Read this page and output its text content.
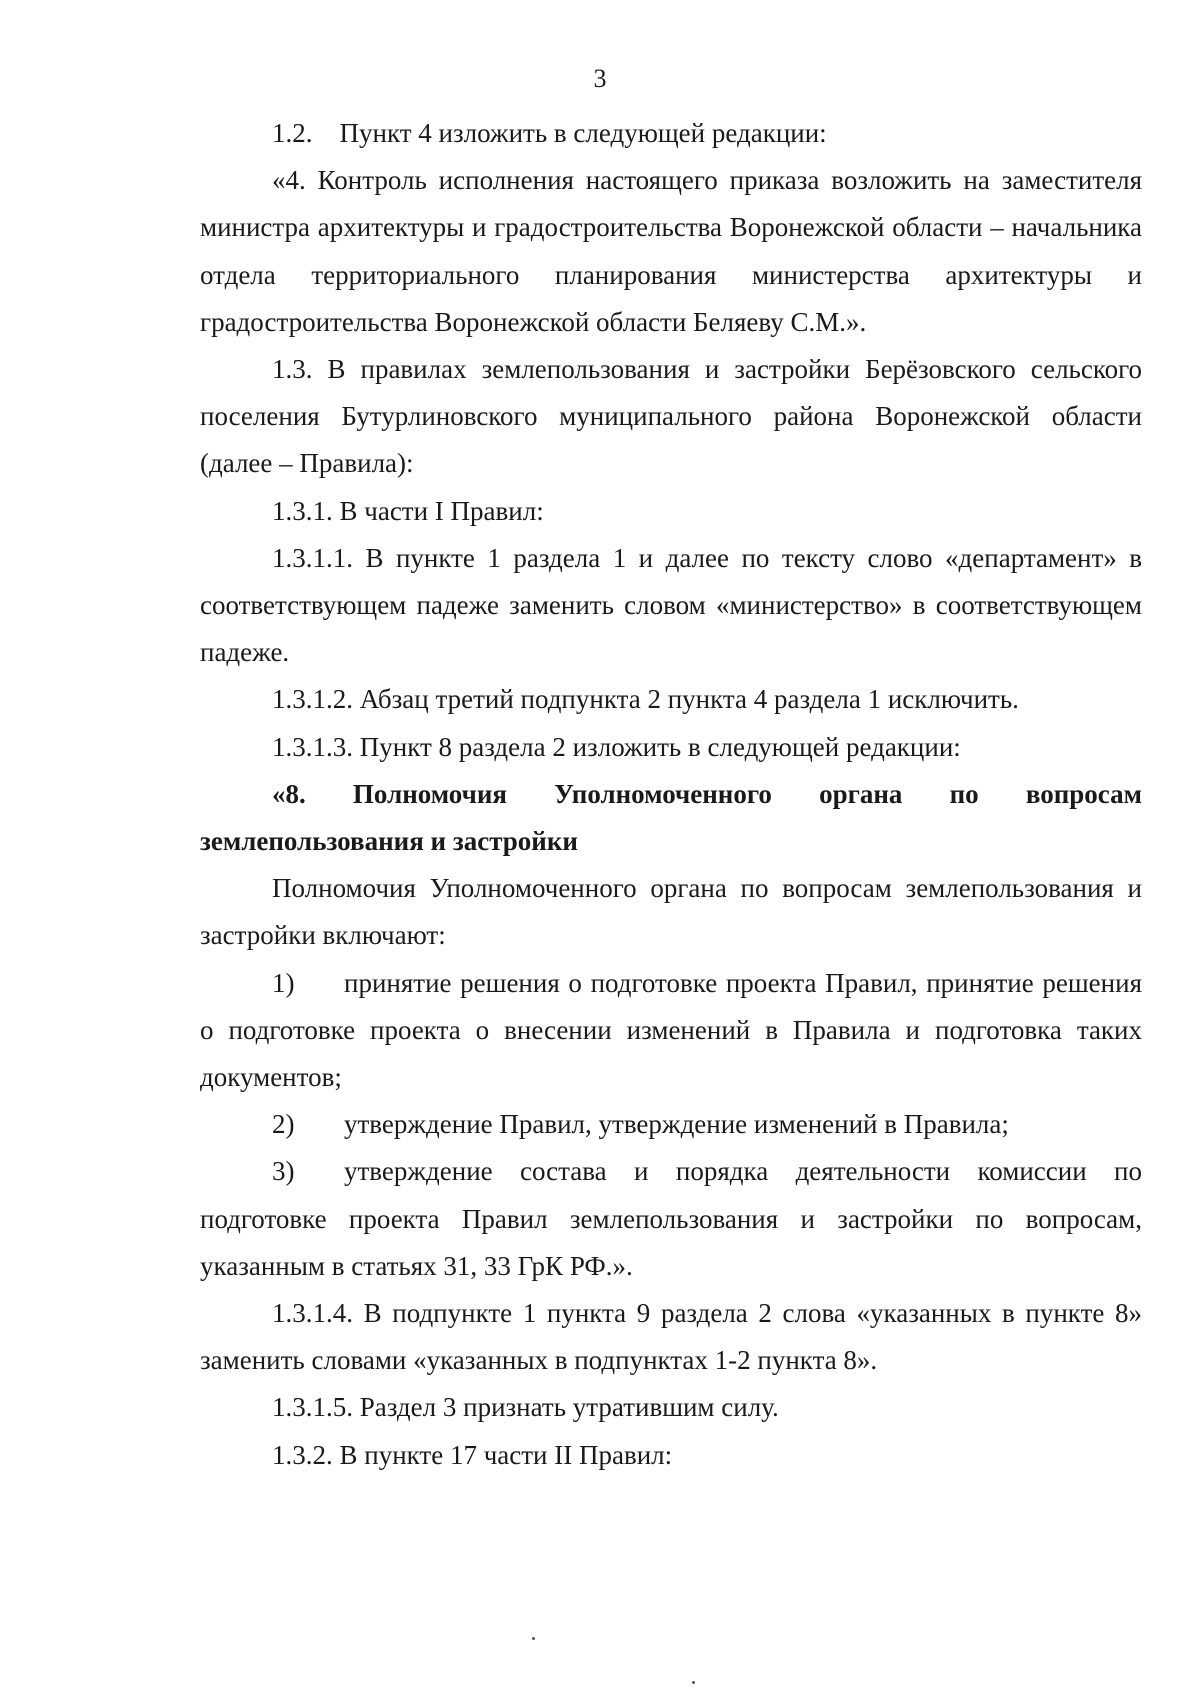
3

1.2.    Пункт 4 изложить в следующей редакции:

«4. Контроль исполнения настоящего приказа возложить на заместителя министра архитектуры и градостроительства Воронежской области – начальника отдела территориального планирования министерства архитектуры и градостроительства Воронежской области Беляеву С.М.».

1.3. В правилах землепользования и застройки Берёзовского сельского поселения Бутурлиновского муниципального района Воронежской области (далее – Правила):

1.3.1. В части I Правил:

1.3.1.1. В пункте 1 раздела 1 и далее по тексту слово «департамент» в соответствующем падеже заменить словом «министерство» в соответствующем падеже.

1.3.1.2. Абзац третий подпункта 2 пункта 4 раздела 1 исключить.

1.3.1.3. Пункт 8 раздела 2 изложить в следующей редакции:

«8. Полномочия Уполномоченного органа по вопросам землепользования и застройки

Полномочия Уполномоченного органа по вопросам землепользования и застройки включают:

1) принятие решения о подготовке проекта Правил, принятие решения о подготовке проекта о внесении изменений в Правила и подготовка таких документов;

2) утверждение Правил, утверждение изменений в Правила;

3) утверждение состава и порядка деятельности комиссии по подготовке проекта Правил землепользования и застройки по вопросам, указанным в статьях 31, 33 ГрК РФ.».

1.3.1.4. В подпункте 1 пункта 9 раздела 2 слова «указанных в пункте 8» заменить словами «указанных в подпунктах 1-2 пункта 8».

1.3.1.5. Раздел 3 признать утратившим силу.

1.3.2. В пункте 17 части II Правил:
